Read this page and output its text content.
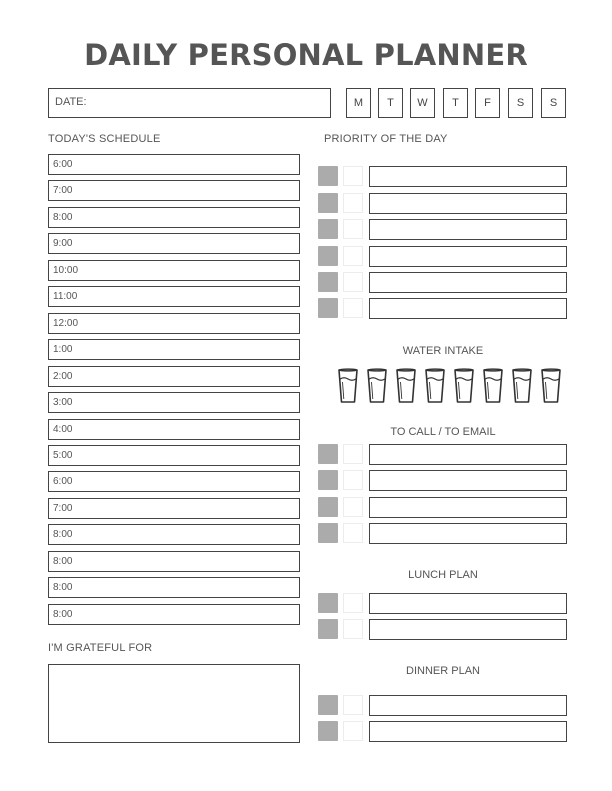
DAILY PERSONAL PLANNER
DATE:	M	T	W	T	F	S	S
TODAY'S SCHEDULE
6:00
7:00
8:00
9:00
10:00
11:00
12:00
1:00
2:00
3:00
4:00
5:00
6:00
7:00
8:00
8:00
8:00
8:00
I'M GRATEFUL FOR
PRIORITY OF THE DAY
WATER INTAKE
TO CALL / TO EMAIL
LUNCH PLAN
DINNER PLAN
